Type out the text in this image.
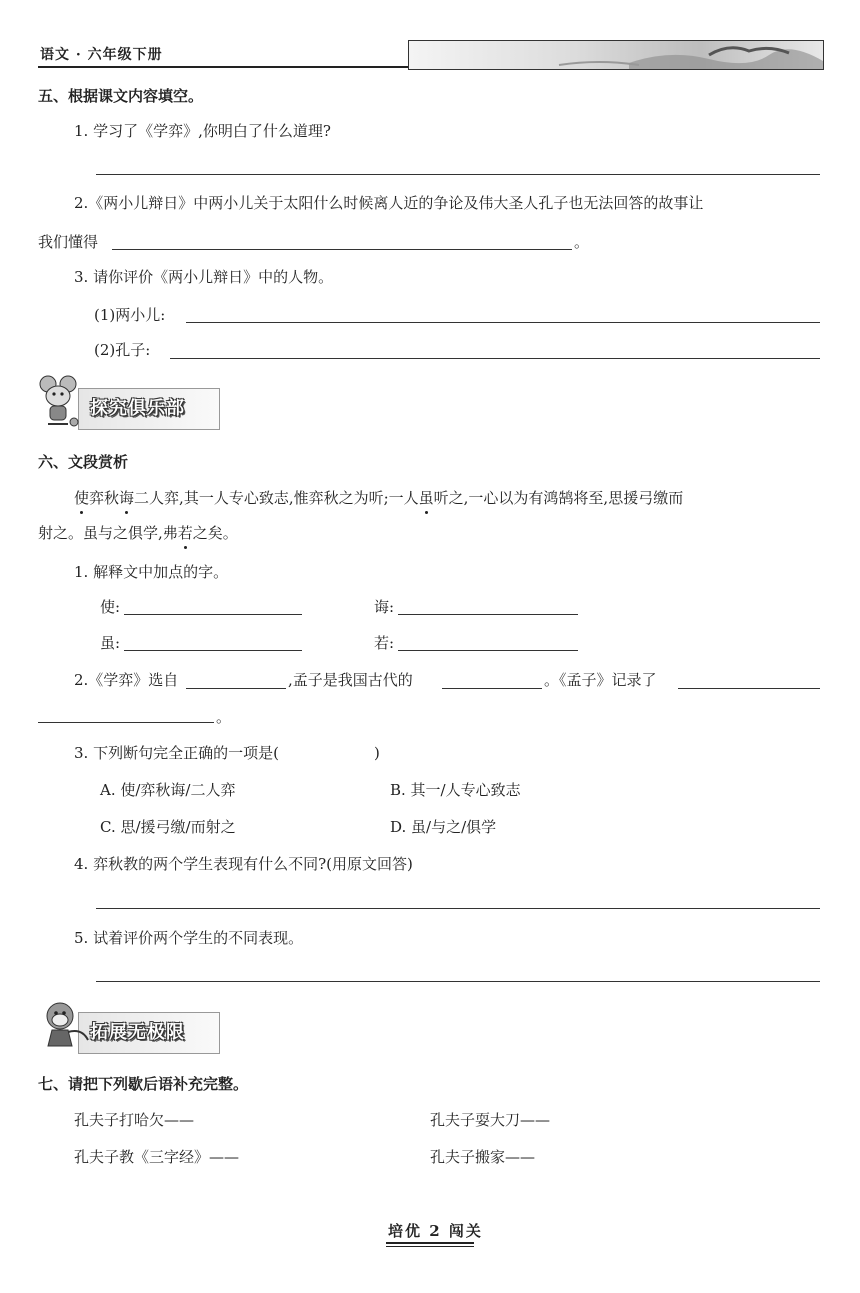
语文 · 六年级下册
五、根据课文内容填空。
1. 学习了《学弈》,你明白了什么道理?
2.《两小儿辩日》中两小儿关于太阳什么时候离人近的争论及伟大圣人孔子也无法回答的故事让
我们懂得	。
3. 请你评价《两小儿辩日》中的人物。
(1)两小儿:
(2)孔子:
探究俱乐部
六、文段赏析
使弈秋诲二人弈,其一人专心致志,惟弈秋之为听;一人虽听之,一心以为有鸿鹄将至,思援弓缴而
射之。虽与之俱学,弗若之矣。
1. 解释文中加点的字。
使:	诲:
虽:	若:
2.《学弈》选自	,孟子是我国古代的	。《孟子》记录了
。
3. 下列断句完全正确的一项是(	)
A. 使/弈秋诲/二人弈	B. 其一/人专心致志
C. 思/援弓缴/而射之	D. 虽/与之/俱学
4. 弈秋教的两个学生表现有什么不同?(用原文回答)
5. 试着评价两个学生的不同表现。
拓展无极限
七、请把下列歇后语补充完整。
孔夫子打哈欠——	孔夫子耍大刀——
孔夫子教《三字经》——	孔夫子搬家——
培优 2 闯关
